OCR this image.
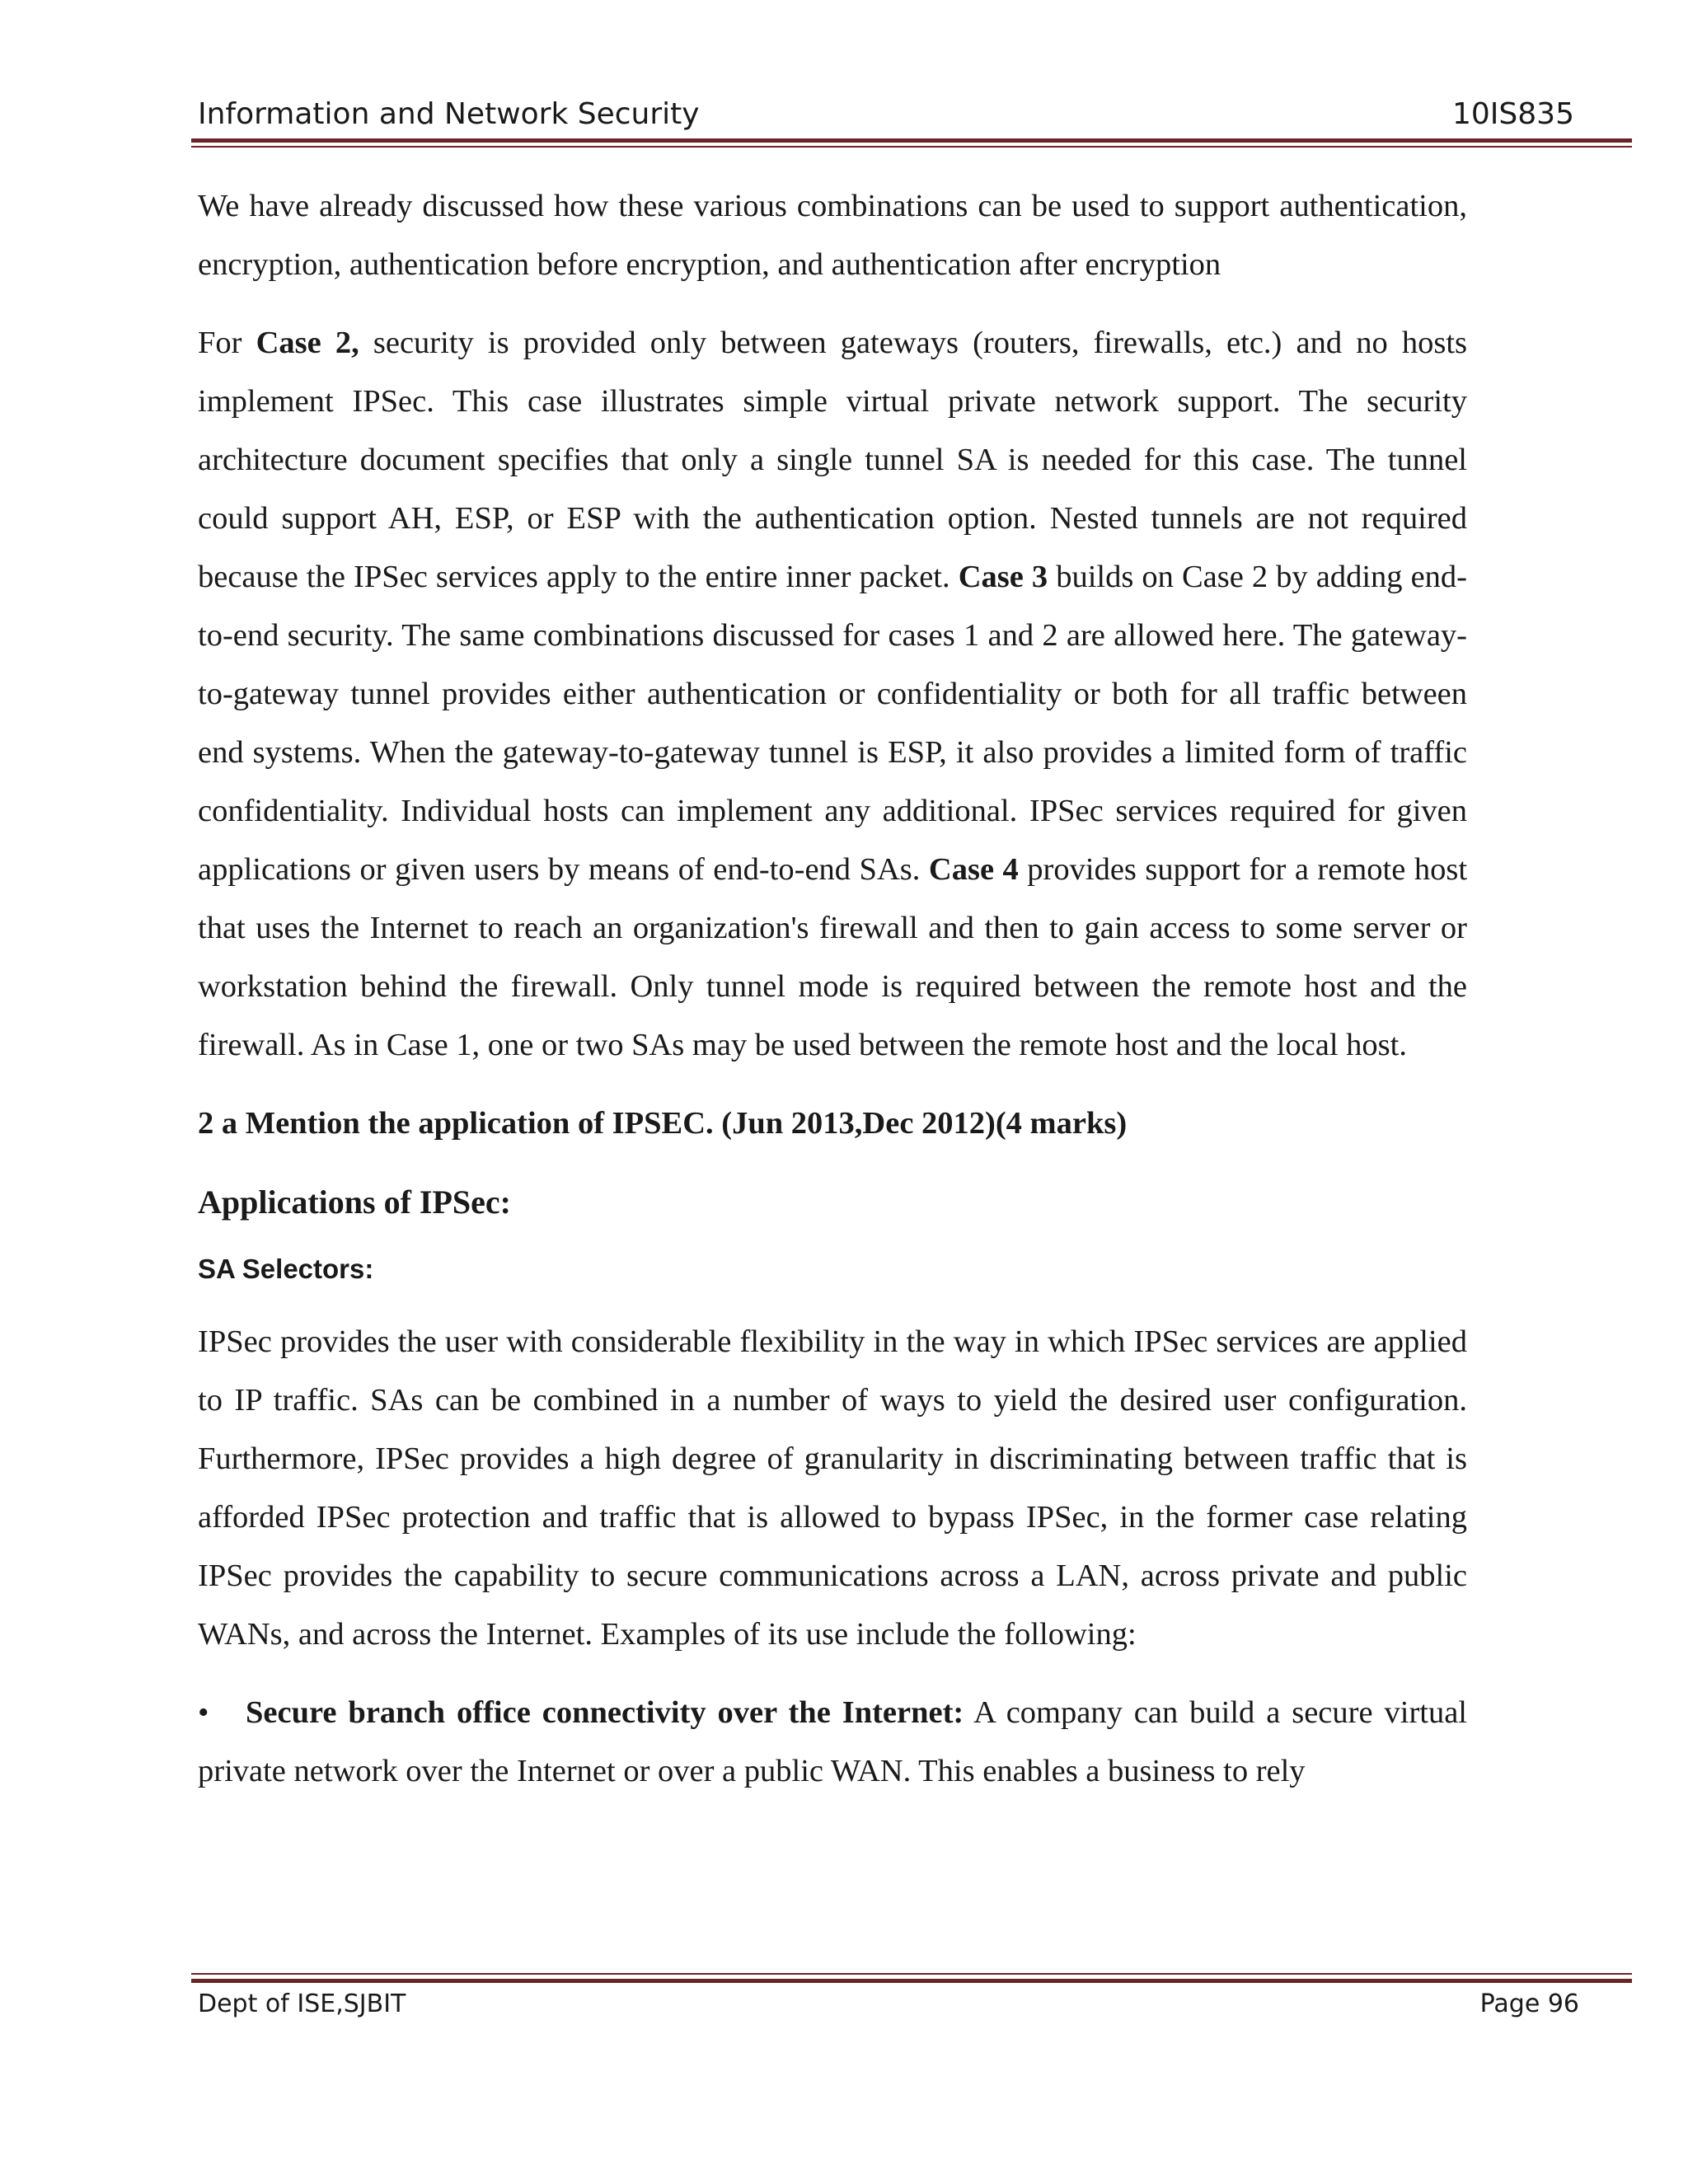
Information and Network Security	10IS835

We have already discussed how these various combinations can be used to support authentication, encryption, authentication before encryption, and authentication after encryption

For Case 2, security is provided only between gateways (routers, firewalls, etc.) and no hosts implement IPSec. This case illustrates simple virtual private network support. The security architecture document specifies that only a single tunnel SA is needed for this case. The tunnel could support AH, ESP, or ESP with the authentication option. Nested tunnels are not required because the IPSec services apply to the entire inner packet. Case 3 builds on Case 2 by adding end-to-end security. The same combinations discussed for cases 1 and 2 are allowed here. The gateway-to-gateway tunnel provides either authentication or confidentiality or both for all traffic between end systems. When the gateway-to-gateway tunnel is ESP, it also provides a limited form of traffic confidentiality. Individual hosts can implement any additional. IPSec services required for given applications or given users by means of end-to-end SAs. Case 4 provides support for a remote host that uses the Internet to reach an organization's firewall and then to gain access to some server or workstation behind the firewall. Only tunnel mode is required between the remote host and the firewall. As in Case 1, one or two SAs may be used between the remote host and the local host.

2 a Mention the application of IPSEC. (Jun 2013,Dec 2012)(4 marks)

Applications of IPSec:

SA Selectors:

IPSec provides the user with considerable flexibility in the way in which IPSec services are applied to IP traffic. SAs can be combined in a number of ways to yield the desired user configuration. Furthermore, IPSec provides a high degree of granularity in discriminating between traffic that is afforded IPSec protection and traffic that is allowed to bypass IPSec, in the former case relating IPSec provides the capability to secure communications across a LAN, across private and public WANs, and across the Internet. Examples of its use include the following:

•	Secure branch office connectivity over the Internet: A company can build a secure virtual private network over the Internet or over a public WAN. This enables a business to rely

Dept of ISE,SJBIT	Page 96
